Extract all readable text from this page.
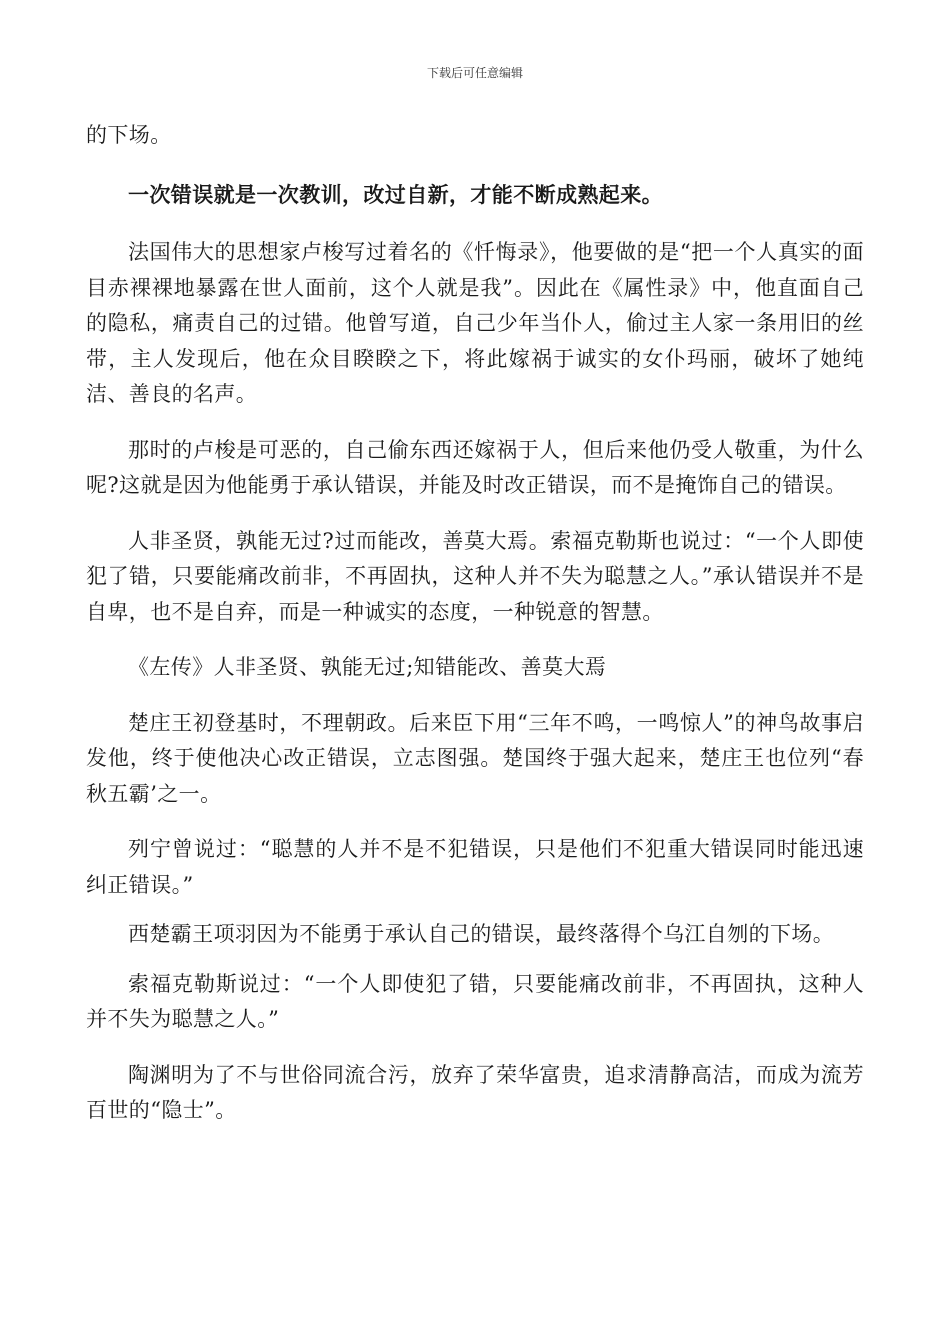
下载后可任意编辑

的下场。

一次错误就是一次教训，改过自新，才能不断成熟起来。

法国伟大的思想家卢梭写过着名的《忏悔录》，他要做的是“把一个人真实的面目赤裸裸地暴露在世人面前，这个人就是我”。因此在《属性录》中，他直面自己的隐私，痛责自己的过错。他曾写道，自己少年当仆人，偷过主人家一条用旧的丝带，主人发现后，他在众目睽睽之下，将此嫁祸于诚实的女仆玛丽，破坏了她纯洁、善良的名声。

那时的卢梭是可恶的，自己偷东西还嫁祸于人，但后来他仍受人敬重，为什么呢?这就是因为他能勇于承认错误，并能及时改正错误，而不是掩饰自己的错误。

人非圣贤，孰能无过?过而能改，善莫大焉。索福克勒斯也说过：“一个人即使犯了错，只要能痛改前非，不再固执，这种人并不失为聪慧之人。”承认错误并不是自卑，也不是自弃，而是一种诚实的态度，一种锐意的智慧。

《左传》人非圣贤、孰能无过;知错能改、善莫大焉

楚庄王初登基时，不理朝政。后来臣下用“三年不鸣，一鸣惊人”的神鸟故事启发他，终于使他决心改正错误，立志图强。楚国终于强大起来，楚庄王也位列“春秋五霸’之一。

列宁曾说过：“聪慧的人并不是不犯错误，只是他们不犯重大错误同时能迅速纠正错误。”

西楚霸王项羽因为不能勇于承认自己的错误，最终落得个乌江自刎的下场。

索福克勒斯说过：“一个人即使犯了错，只要能痛改前非，不再固执，这种人并不失为聪慧之人。”

陶渊明为了不与世俗同流合污，放弃了荣华富贵，追求清静高洁，而成为流芳百世的“隐士”。
